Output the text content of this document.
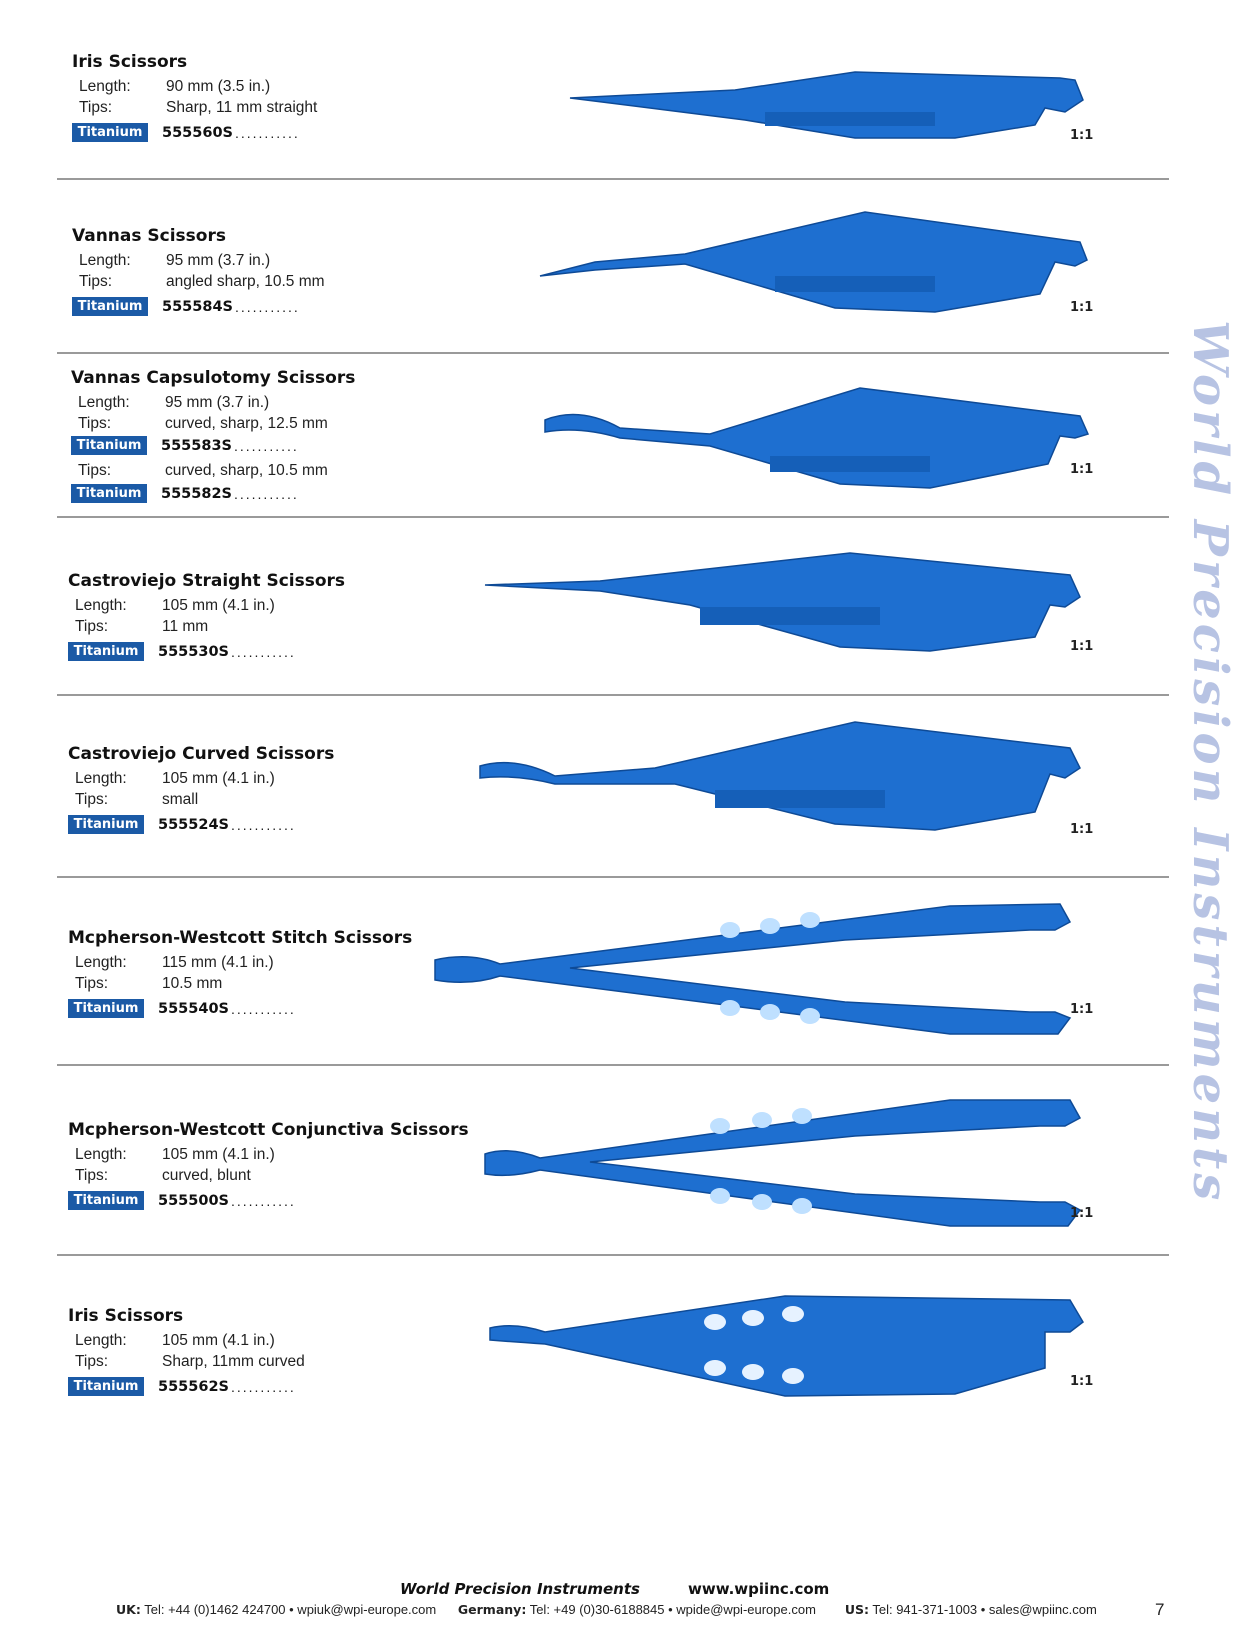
Iris Scissors
Length:	90 mm (3.5 in.)
Tips:	Sharp, 11 mm straight
Titanium	555560S ...........	1:1
Vannas Scissors
Length:	95 mm (3.7 in.)
Tips:	angled sharp, 10.5 mm
Titanium	555584S ...........	1:1
Vannas Capsulotomy Scissors
Length:	95 mm (3.7 in.)
Tips:	curved, sharp, 12.5 mm
Titanium	555583S ...........
Tips:	curved, sharp, 10.5 mm
Titanium	555582S ...........
1:1
Castroviejo Straight Scissors
Length:	105 mm (4.1 in.)
Tips:	11 mm
Titanium	555530S ...........	1:1
Castroviejo Curved Scissors
Length:	105 mm (4.1 in.)
Tips:	small
Titanium	555524S ...........	1:1
Mcpherson-Westcott Stitch Scissors
Length:	115 mm (4.1 in.)
Tips:	10.5 mm
Titanium	555540S ...........	1:1
Mcpherson-Westcott Conjunctiva Scissors
Length:	105 mm (4.1 in.)
Tips:	curved, blunt
Titanium	555500S ...........
1:1
Iris Scissors
Length:	105 mm (4.1 in.)
Tips:	Sharp, 11mm curved
Titanium	555562S ...........	1:1
World Precision Instruments
World Precision Instruments	www.wpiinc.com
UK: Tel: +44 (0)1462 424700 • wpiuk@wpi-europe.com Germany: Tel: +49 (0)30-6188845 • wpide@wpi-europe.com US: Tel: 941-371-1003 • sales@wpiinc.com	7
